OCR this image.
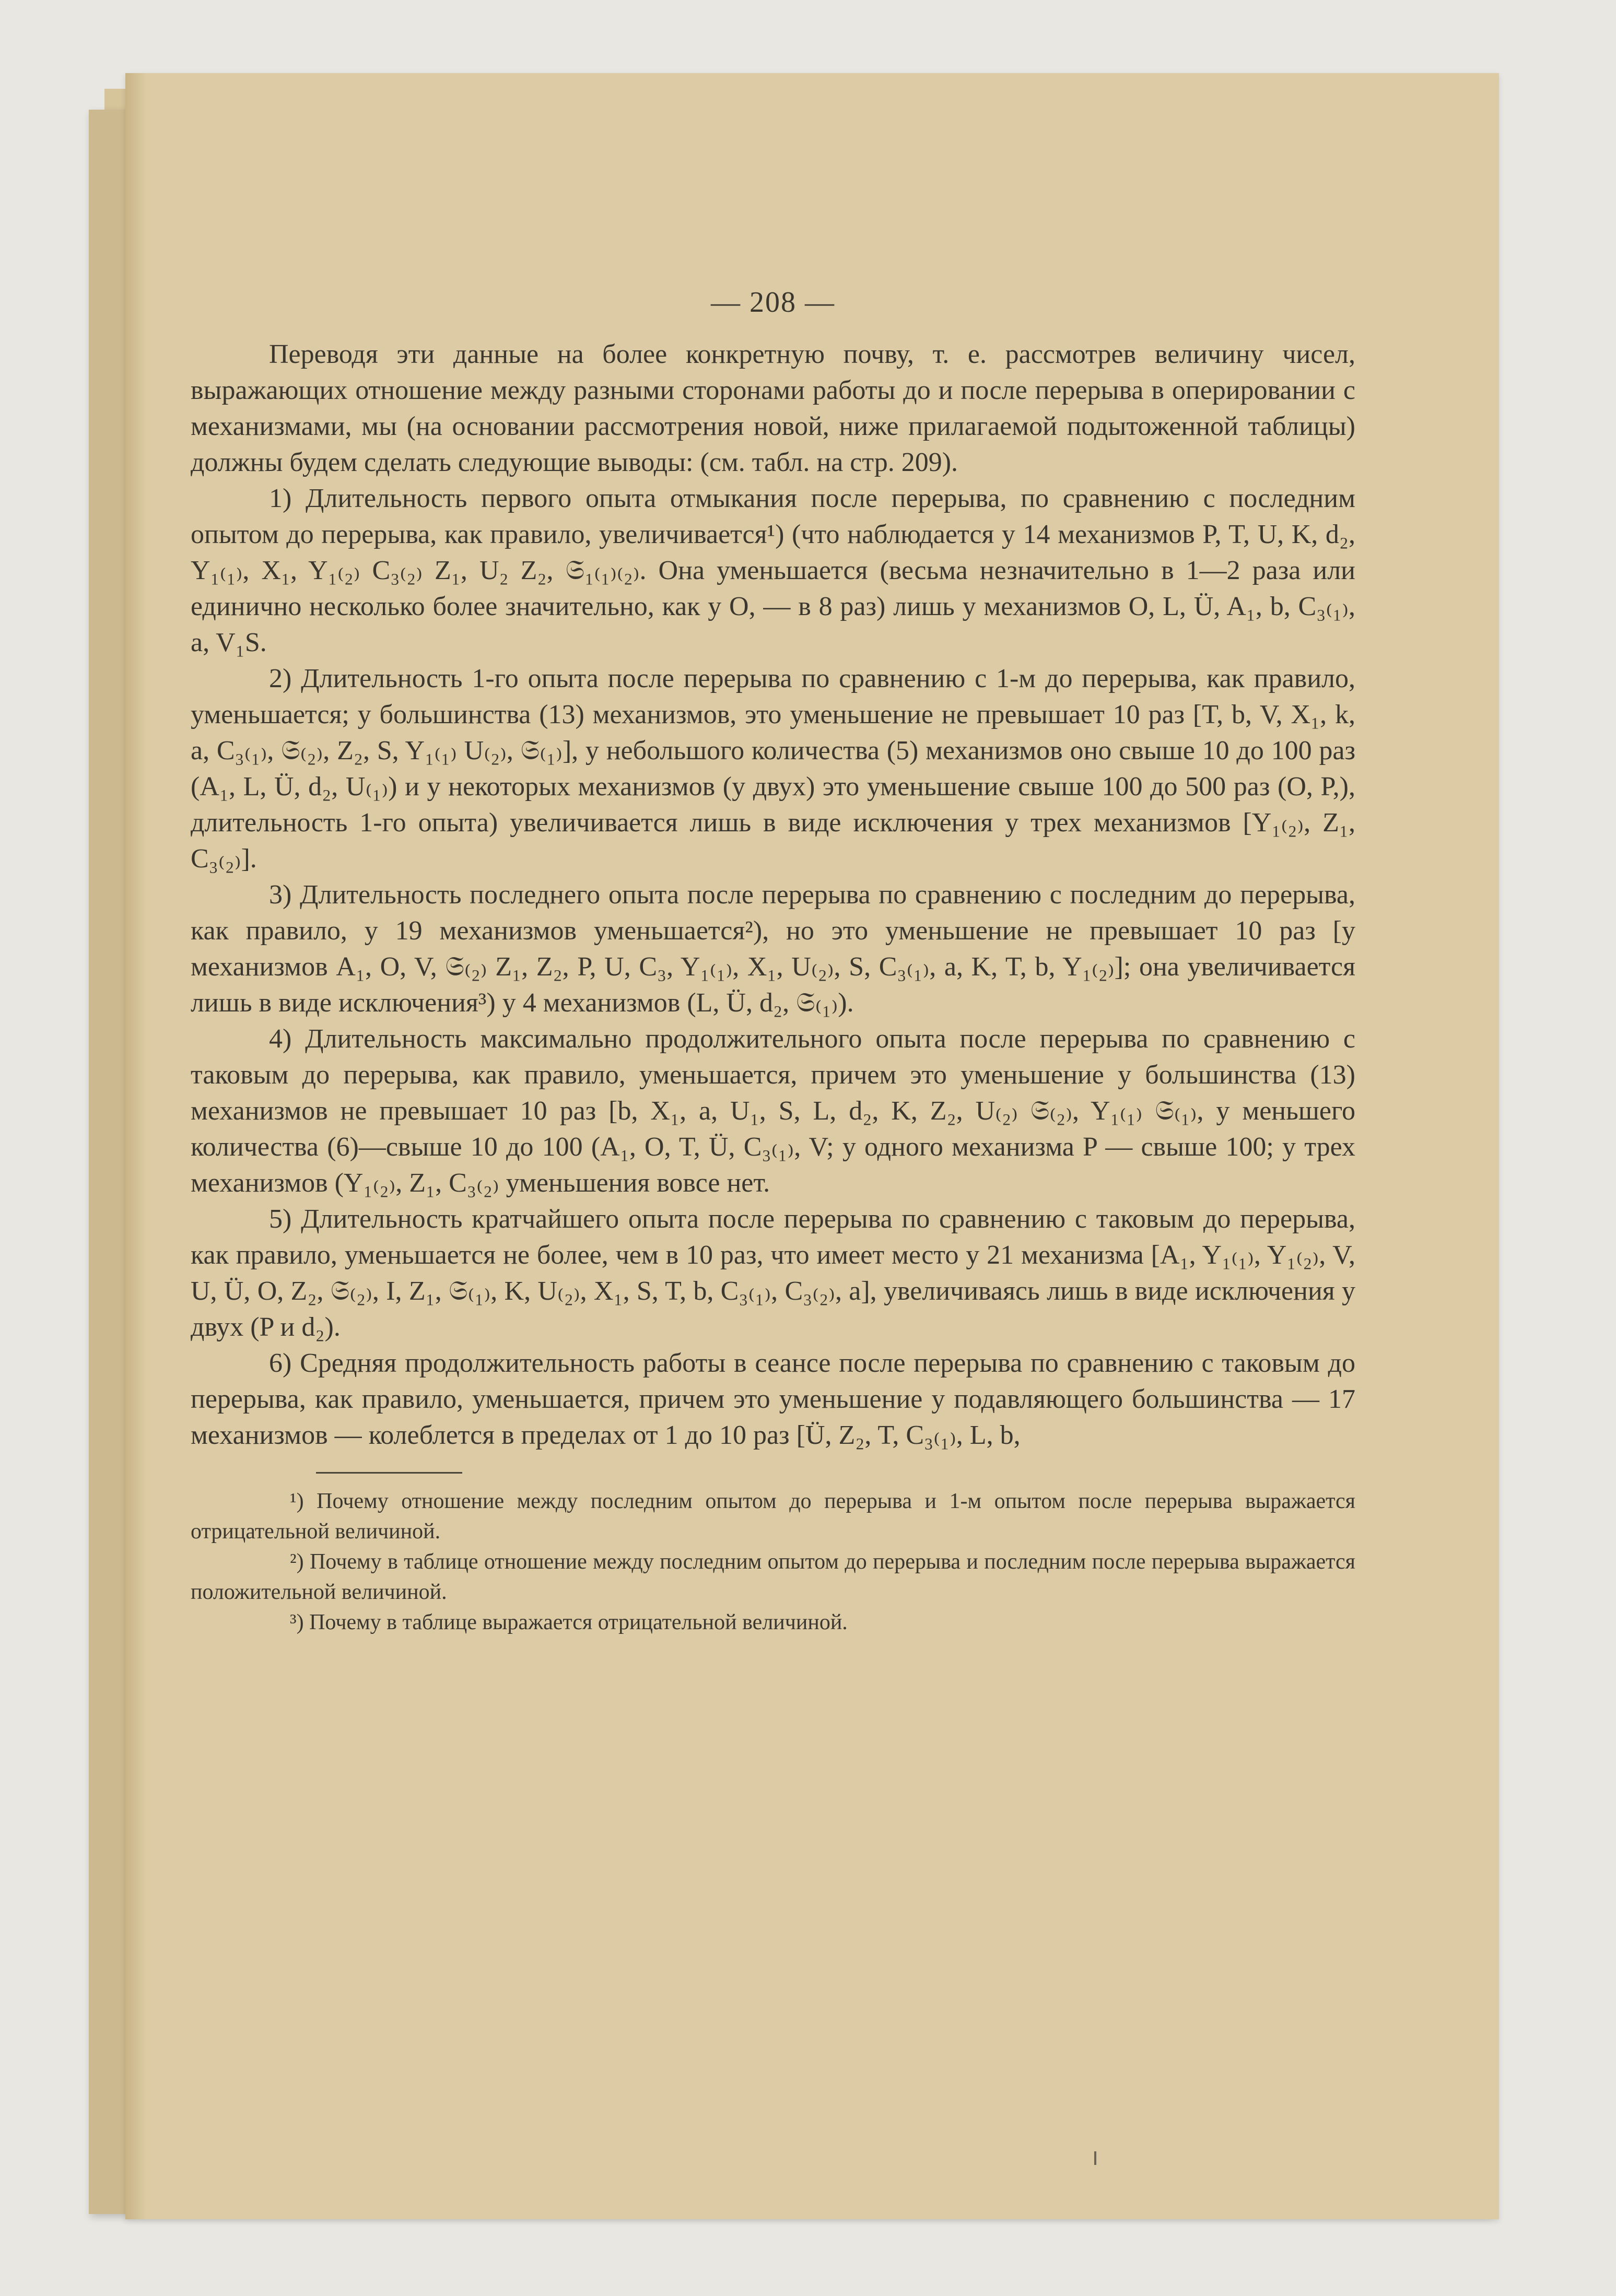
— 208 —

Переводя эти данные на более конкретную почву, т. е. рассмотрев величину чисел, выражающих отношение между разными сторонами работы до и после перерыва в оперировании с механизмами, мы (на основании рассмотрения новой, ниже прилагаемой подытоженной таблицы) должны будем сделать следующие выводы: (см. табл. на стр. 209).

1) Длительность первого опыта отмыкания после перерыва, по сравнению с последним опытом до перерыва, как правило, увеличивается¹) (что наблюдается у 14 механизмов P, T, U, K, d₂, Y₁₍₁₎, X₁, Y₁₍₂₎ C₃₍₂₎ Z₁, U₂ Z₂, 𝔖₁₍₁₎₍₂₎. Она уменьшается (весьма незначительно в 1—2 раза или единично несколько более значительно, как у O, — в 8 раз) лишь у механизмов O, L, Ü, A₁, b, C₃₍₁₎, a, V₁S.

2) Длительность 1-го опыта после перерыва по сравнению с 1-м до перерыва, как правило, уменьшается; у большинства (13) механизмов, это уменьшение не превышает 10 раз [T, b, V, X₁, k, a, C₃₍₁₎, 𝔖₍₂₎, Z₂, S, Y₁₍₁₎ U₍₂₎, 𝔖₍₁₎], у небольшого количества (5) механизмов оно свыше 10 до 100 раз (A₁, L, Ü, d₂, U₍₁₎) и у некоторых механизмов (у двух) это уменьшение свыше 100 до 500 раз (O, P,), длительность 1-го опыта) увеличивается лишь в виде исключения у трех механизмов [Y₁₍₂₎, Z₁, C₃₍₂₎].

3) Длительность последнего опыта после перерыва по сравнению с последним до перерыва, как правило, у 19 механизмов уменьшается²), но это уменьшение не превышает 10 раз [у механизмов A₁, O, V, 𝔖₍₂₎ Z₁, Z₂, P, U, C₃, Y₁₍₁₎, X₁, U₍₂₎, S, C₃₍₁₎, a, K, T, b, Y₁₍₂₎]; она увеличивается лишь в виде исключения³) у 4 механизмов (L, Ü, d₂, 𝔖₍₁₎).

4) Длительность максимально продолжительного опыта после перерыва по сравнению с таковым до перерыва, как правило, уменьшается, причем это уменьшение у большинства (13) механизмов не превышает 10 раз [b, X₁, a, U₁, S, L, d₂, K, Z₂, U₍₂₎ 𝔖₍₂₎, Y₁₍₁₎ 𝔖₍₁₎, у меньшего количества (6)—свыше 10 до 100 (A₁, O, T, Ü, C₃₍₁₎, V; у одного механизма P — свыше 100; у трех механизмов (Y₁₍₂₎, Z₁, C₃₍₂₎ уменьшения вовсе нет.

5) Длительность кратчайшего опыта после перерыва по сравнению с таковым до перерыва, как правило, уменьшается не более, чем в 10 раз, что имеет место у 21 механизма [A₁, Y₁₍₁₎, Y₁₍₂₎, V, U, Ü, O, Z₂, 𝔖₍₂₎, I, Z₁, 𝔖₍₁₎, K, U₍₂₎, X₁, S, T, b, C₃₍₁₎, C₃₍₂₎, a], увеличиваясь лишь в виде исключения у двух (P и d₂).

6) Средняя продолжительность работы в сеансе после перерыва по сравнению с таковым до перерыва, как правило, уменьшается, причем это уменьшение у подавляющего большинства — 17 механизмов — колеблется в пределах от 1 до 10 раз [Ü, Z₂, T, C₃₍₁₎, L, b,

¹) Почему отношение между последним опытом до перерыва и 1-м опытом после перерыва выражается отрицательной величиной.

²) Почему в таблице отношение между последним опытом до перерыва и последним после перерыва выражается положительной величиной.

³) Почему в таблице выражается отрицательной величиной.
